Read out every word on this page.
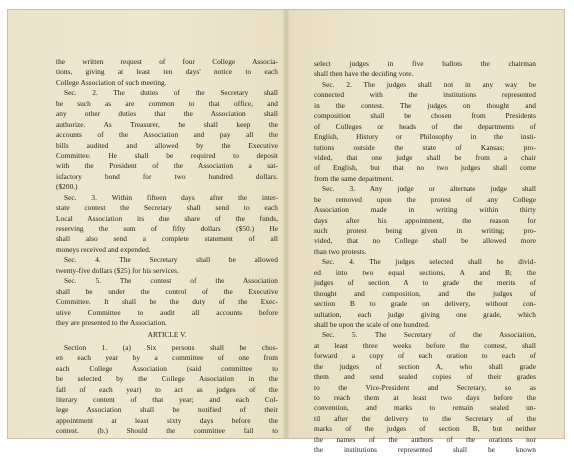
the written request of four College Associa-
tions, giving at least ten days' notice to each
College Association of such meeting.
Sec. 2. The duties of the Secretary shall
be such as are common to that office, and
any other duties that the Association shall
authorize. As Treasurer, he shall keep the
accounts of the Association and pay all the
bills audited and allowed by the Executive
Committee. He shall be required to deposit
with the President of the Association a sat-
isfactory bond for two hundred dollars.
($200.)
Sec. 3. Within fifteen days after the inter-
state contest the Secretary shall send to each
Local Association its due share of the funds,
reserving the sum of fifty dollars ($50.) He
shall also send a complete statement of all
moneys received and expended.
Sec. 4. The Secretary shall be allowed
twenty-five dollars ($25) for his services.
Sec. 5. The contest of the Association
shall be under the control of the Executive
Committee. It shall be the duty of the Exec-
utive Committee to audit all accounts before
they are presented to the Association.
ARTICLE V.
Section 1. (a) Six persons shall be chos-
en each year by a committee of one from
each College Association (said committee to
be selected by the College Association in the
fall of each year) to act as judges of the
literary content of that year; and each Col-
lege Association shall be notified of their
appointment at least sixty days before the
contest. (b.) Should the committee fail to
select judges in five ballots the chairman
shall then have the deciding vote.
Sec. 2. The judges shall not in any way be
connected with the institutions represented
in the contest. The judges on thought and
composition shall be chosen from Presidents
of Colleges or heads of the departments of
English, History or Philosophy in the insti-
tutions outside the state of Kansas; pro-
vided, that one judge shall be from a chair
of English, but that no two judges shall come
from the same department.
Sec. 3. Any judge or alternate judge shall
be removed upon the protest of any College
Association made in writing within thirty
days after his appointment, the reason for
such protest being given in writing; pro-
vided, that no College shall be allowed more
than two protests.
Sec. 4. The judges selected shall be divid-
ed into two equal sections, A and B; the
judges of section A to grade the merits of
thought and composition, and the judges of
section B to grade on delivery, without con-
sultation, each judge giving one grade, which
shall be upon the scale of one hundred.
Sec. 5. The Secretary of the Association,
at least three weeks before the contest, shall
forward a copy of each oration to each of
the judges of section A, who shall grade
them and send sealed copies of their grades
to the Vice-President and Secretary, so as
to reach them at least two days before the
convention, and marks to remain sealed un-
til after the delivery to the Secretary of the
marks of the judges of section B, but neither
the names of the authors of the orations nor
the institutions represented shall be known
